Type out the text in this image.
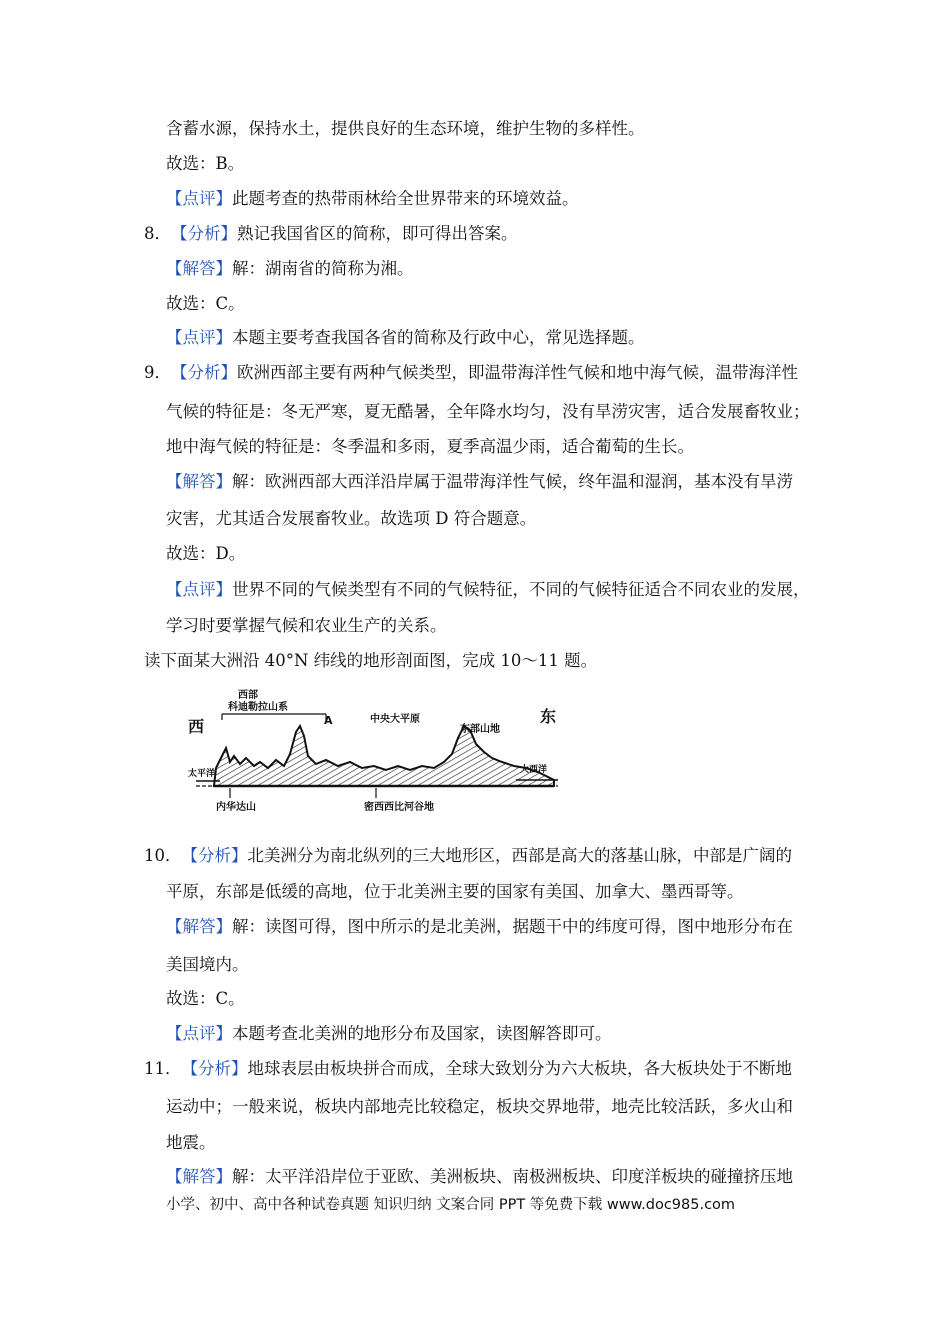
含蓄水源，保持水土，提供良好的生态环境，维护生物的多样性。
故选：B。
【点评】此题考查的热带雨林给全世界带来的环境效益。
8．【分析】熟记我国省区的简称，即可得出答案。
【解答】解：湖南省的简称为湘。
故选：C。
【点评】本题主要考查我国各省的简称及行政中心，常见选择题。
9．【分析】欧洲西部主要有两种气候类型，即温带海洋性气候和地中海气候，温带海洋性
气候的特征是：冬无严寒，夏无酷暑，全年降水均匀，没有旱涝灾害，适合发展畜牧业；
地中海气候的特征是：冬季温和多雨，夏季高温少雨，适合葡萄的生长。
【解答】解：欧洲西部大西洋沿岸属于温带海洋性气候，终年温和湿润，基本没有旱涝
灾害，尤其适合发展畜牧业。故选项 D 符合题意。
故选：D。
【点评】世界不同的气候类型有不同的气候特征，不同的气候特征适合不同农业的发展，
学习时要掌握气候和农业生产的关系。
读下面某大洲沿 40°N 纬线的地形剖面图，完成 10～11 题。
西
东
西部
科迪勒拉山系
A	中央大平原
东部山地
太平洋	大西洋
内华达山	密西西比河谷地
10．【分析】北美洲分为南北纵列的三大地形区，西部是高大的落基山脉，中部是广阔的
平原，东部是低缓的高地，位于北美洲主要的国家有美国、加拿大、墨西哥等。
【解答】解：读图可得，图中所示的是北美洲，据题干中的纬度可得，图中地形分布在
美国境内。
故选：C。
【点评】本题考查北美洲的地形分布及国家，读图解答即可。
11．【分析】地球表层由板块拼合而成，全球大致划分为六大板块，各大板块处于不断地
运动中；一般来说，板块内部地壳比较稳定，板块交界地带，地壳比较活跃，多火山和
地震。
【解答】解：太平洋沿岸位于亚欧、美洲板块、南极洲板块、印度洋板块的碰撞挤压地
小学、初中、高中各种试卷真题 知识归纳 文案合同 PPT 等免费下载 www.doc985.com
